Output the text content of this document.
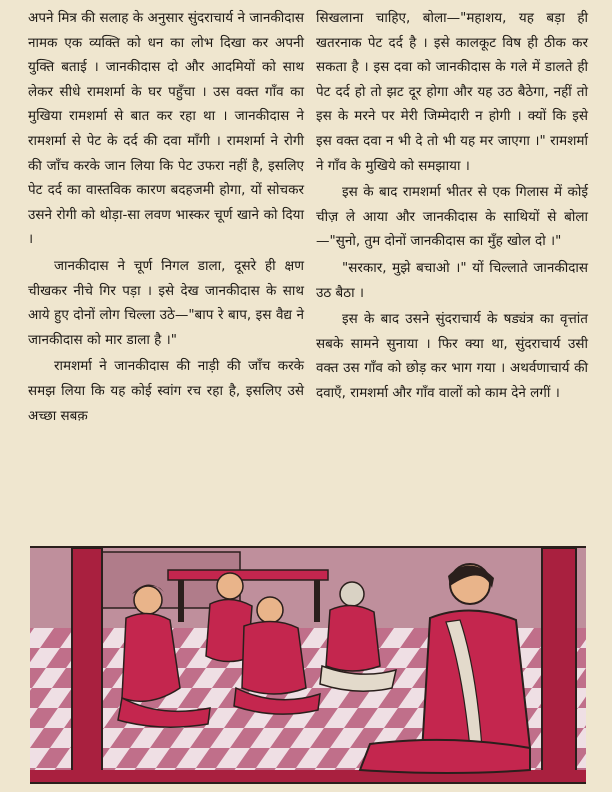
अपने मित्र की सलाह के अनुसार सुंदराचार्य ने जानकीदास नामक एक व्यक्ति को धन का लोभ दिखा कर अपनी युक्ति बताई । जानकीदास दो और आदमियों को साथ लेकर सीधे रामशर्मा के घर पहुँचा । उस वक्त गाँव का मुखिया रामशर्मा से बात कर रहा था । जानकीदास ने रामशर्मा से पेट के दर्द की दवा माँगी । रामशर्मा ने रोगी की जाँच करके जान लिया कि पेट उफरा नहीं है, इसलिए पेट दर्द का वास्तविक कारण बदहजमी होगा, यों सोचकर उसने रोगी को थोड़ा-सा लवण भास्कर चूर्ण खाने को दिया ।

जानकीदास ने चूर्ण निगल डाला, दूसरे ही क्षण चीखकर नीचे गिर पड़ा । इसे देख जानकीदास के साथ आये हुए दोनों लोग चिल्ला उठे—"बाप रे बाप, इस वैद्य ने जानकीदास को मार डाला है ।"

रामशर्मा ने जानकीदास की नाड़ी की जाँच करके समझ लिया कि यह कोई स्वांग रच रहा है, इसलिए उसे अच्छा सबक़

सिखलाना चाहिए, बोला—"महाशय, यह बड़ा ही खतरनाक पेट दर्द है । इसे कालकूट विष ही ठीक कर सकता है । इस दवा को जानकीदास के गले में डालते ही पेट दर्द हो तो झट दूर होगा और यह उठ बैठेगा, नहीं तो इस के मरने पर मेरी जिम्मेदारी न होगी । क्यों कि इसे इस वक्त दवा न भी दे तो भी यह मर जाएगा ।" रामशर्मा ने गाँव के मुखिये को समझाया ।

इस के बाद रामशर्मा भीतर से एक गिलास में कोई चीज़ ले आया और जानकीदास के साथियों से बोला—"सुनो, तुम दोनों जानकीदास का मुँह खोल दो ।"

"सरकार, मुझे बचाओ ।" यों चिल्लाते जानकीदास उठ बैठा ।

इस के बाद उसने सुंदराचार्य के षड्यंत्र का वृत्तांत सबके सामने सुनाया । फिर क्या था, सुंदराचार्य उसी वक्त उस गाँव को छोड़ कर भाग गया । अथर्वणाचार्य की दवाएँ, रामशर्मा और गाँव वालों को काम देने लगीं ।
